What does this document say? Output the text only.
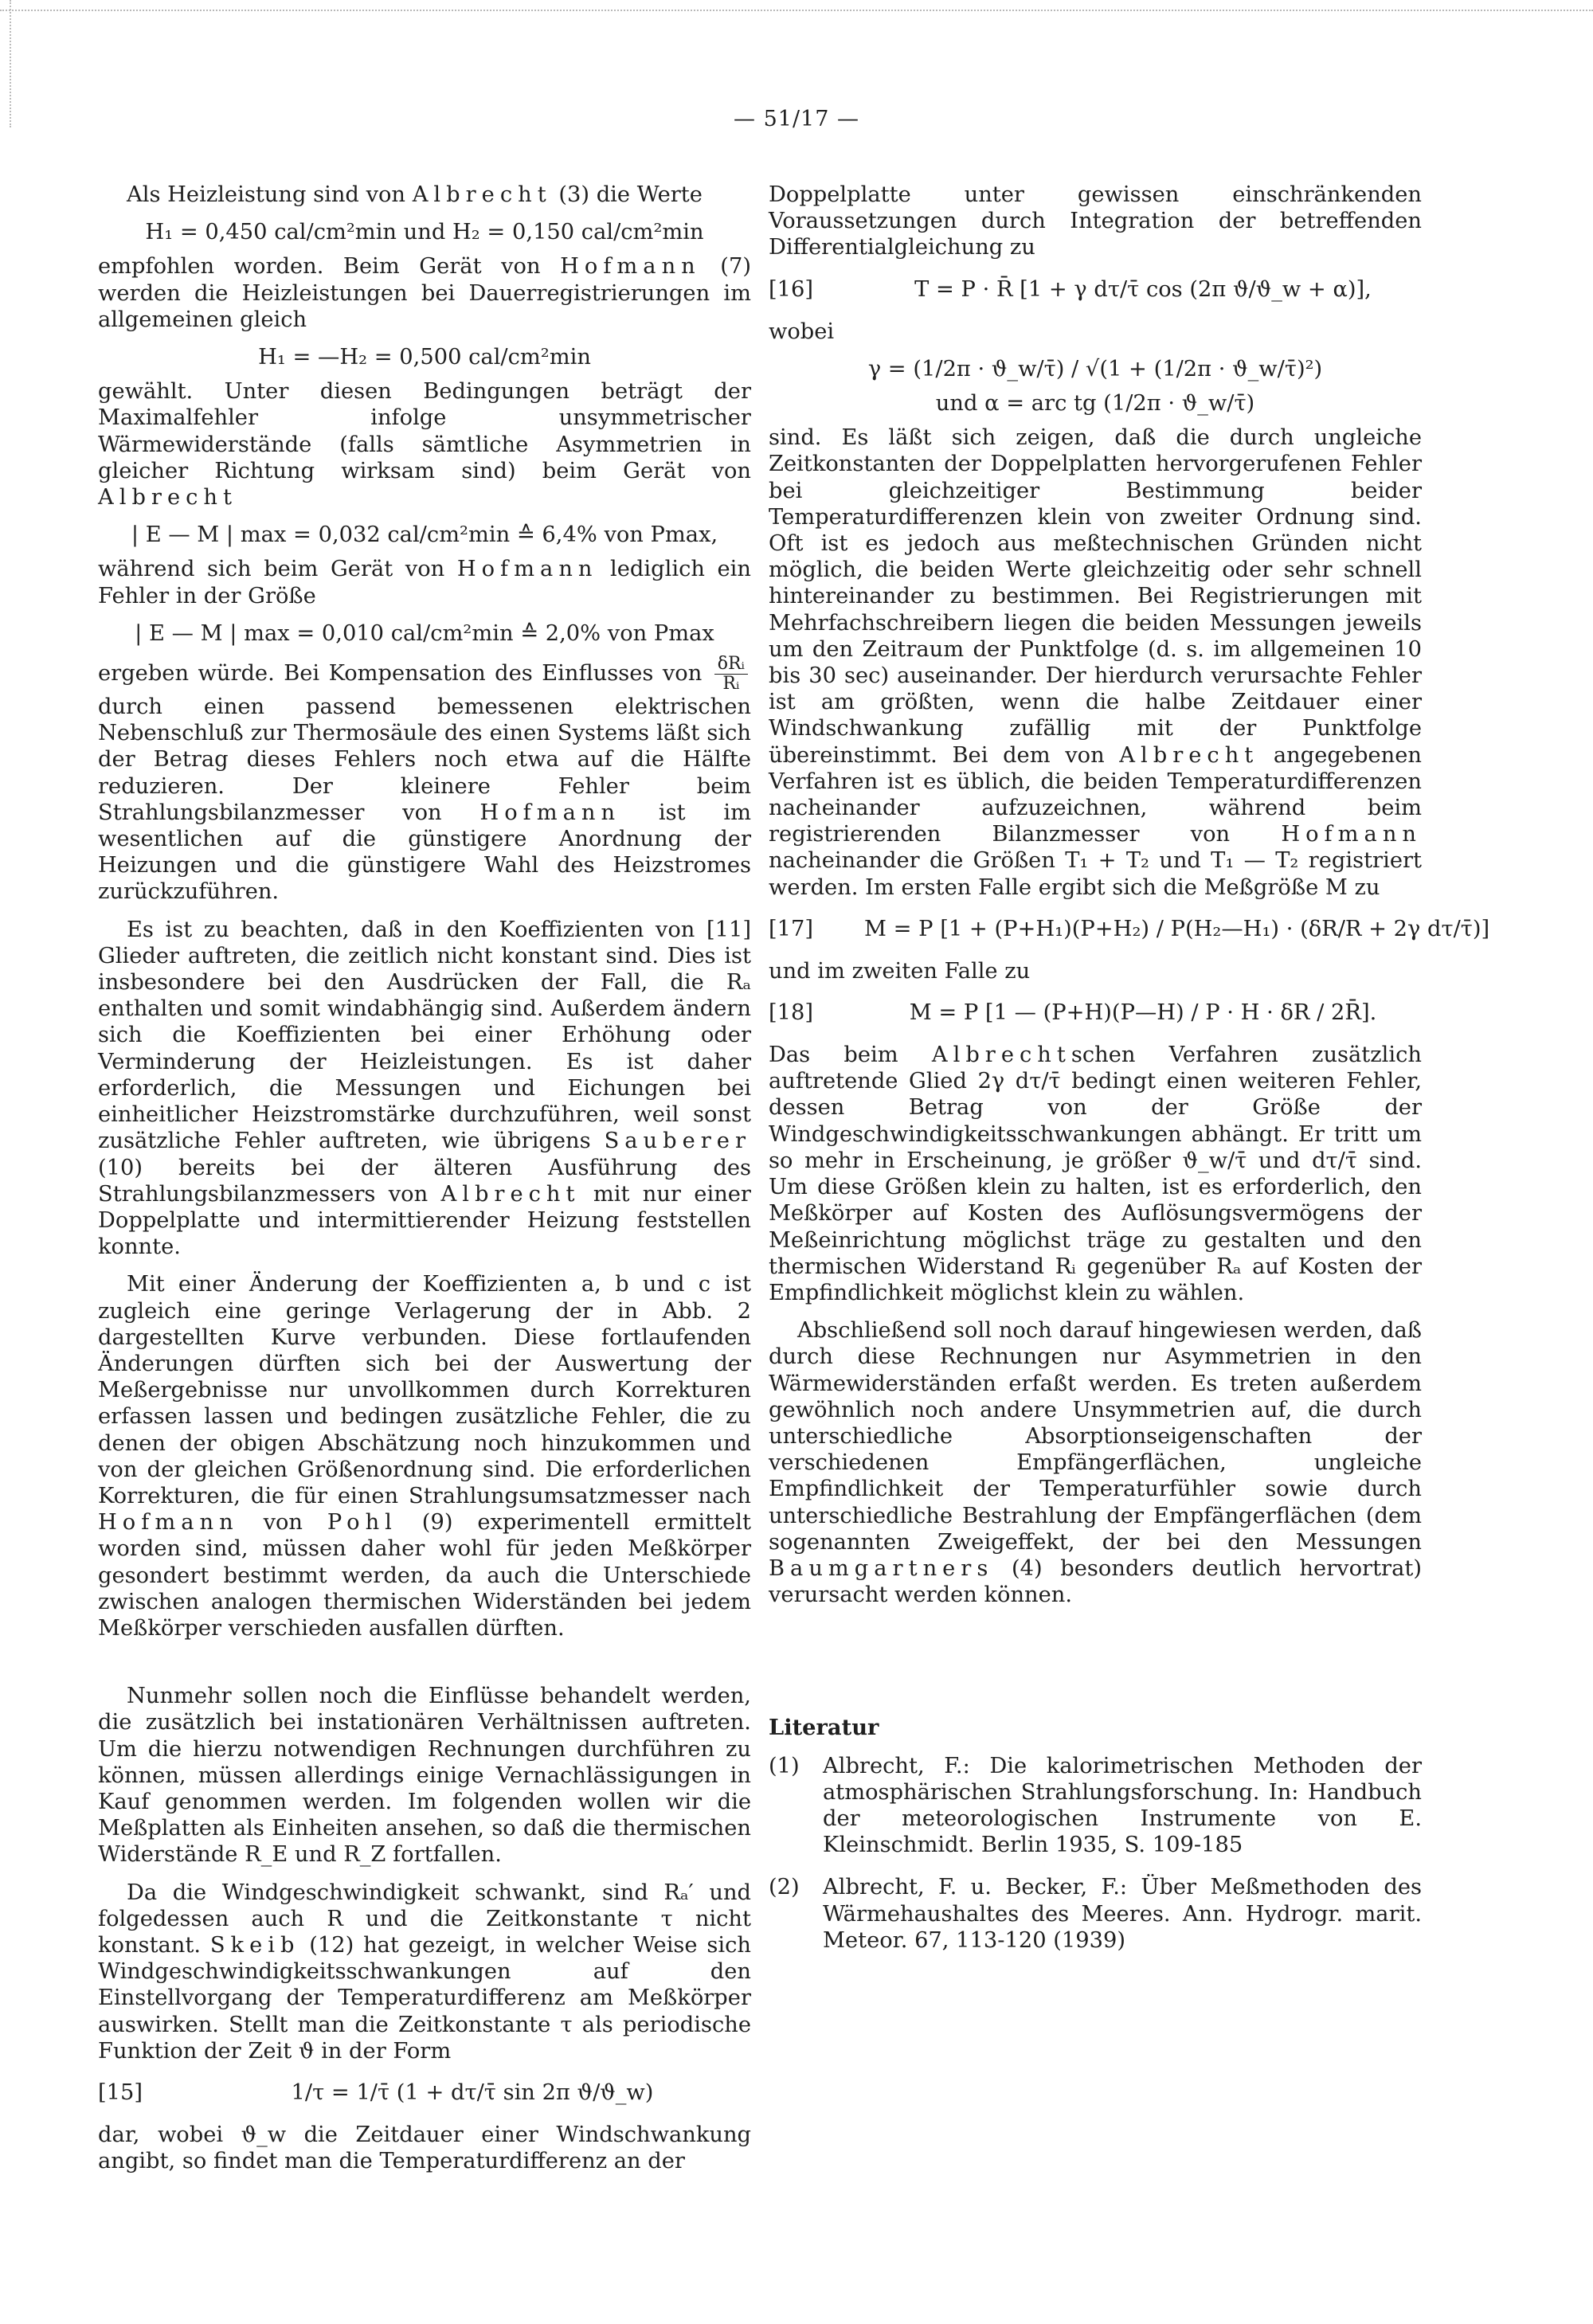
— 51/17 —

Als Heizleistung sind von Albrecht (3) die Werte

H₁ = 0,450 cal/cm²min und H₂ = 0,150 cal/cm²min

empfohlen worden. Beim Gerät von Hofmann (7) werden die Heizleistungen bei Dauerregistrierungen im allgemeinen gleich

H₁ = —H₂ = 0,500 cal/cm²min

gewählt. Unter diesen Bedingungen beträgt der Maximalfehler infolge unsymmetrischer Wärmewiderstände (falls sämtliche Asymmetrien in gleicher Richtung wirksam sind) beim Gerät von Albrecht

| E — M | max = 0,032 cal/cm²min ≙ 6,4% von Pmax,

während sich beim Gerät von Hofmann lediglich ein Fehler in der Größe

| E — M | max = 0,010 cal/cm²min ≙ 2,0% von Pmax

ergeben würde. Bei Kompensation des Einflusses von $\frac{\text{δRᵢ}}{\text{Rᵢ}}$
durch einen passend bemessenen elektrischen Nebenschluß zur Thermosäule des einen Systems läßt sich der Betrag dieses Fehlers noch etwa auf die Hälfte reduzieren. Der kleinere Fehler beim Strahlungsbilanzmesser von Hofmann ist im wesentlichen auf die günstigere Anordnung der Heizungen und die günstigere Wahl des Heizstromes zurückzuführen.

Es ist zu beachten, daß in den Koeffizienten von [11] Glieder auftreten, die zeitlich nicht konstant sind. Dies ist insbesondere bei den Ausdrücken der Fall, die Rₐ enthalten und somit windabhängig sind. Außerdem ändern sich die Koeffizienten bei einer Erhöhung oder Verminderung der Heizleistungen. Es ist daher erforderlich, die Messungen und Eichungen bei einheitlicher Heizstromstärke durchzuführen, weil sonst zusätzliche Fehler auftreten, wie übrigens Sauberer (10) bereits bei der älteren Ausführung des Strahlungsbilanzmessers von Albrecht mit nur einer Doppelplatte und intermittierender Heizung feststellen konnte.

Mit einer Änderung der Koeffizienten a, b und c ist zugleich eine geringe Verlagerung der in Abb. 2 dargestellten Kurve verbunden. Diese fortlaufenden Änderungen dürften sich bei der Auswertung der Meßergebnisse nur unvollkommen durch Korrekturen erfassen lassen und bedingen zusätzliche Fehler, die zu denen der obigen Abschätzung noch hinzukommen und von der gleichen Größenordnung sind. Die erforderlichen Korrekturen, die für einen Strahlungsumsatzmesser nach Hofmann von Pohl (9) experimentell ermittelt worden sind, müssen daher wohl für jeden Meßkörper gesondert bestimmt werden, da auch die Unterschiede zwischen analogen thermischen Widerständen bei jedem Meßkörper verschieden ausfallen dürften.

Nunmehr sollen noch die Einflüsse behandelt werden, die zusätzlich bei instationären Verhältnissen auftreten. Um die hierzu notwendigen Rechnungen durchführen zu können, müssen allerdings einige Vernachlässigungen in Kauf genommen werden. Im folgenden wollen wir die Meßplatten als Einheiten ansehen, so daß die thermischen Widerstände R_E und R_Z fortfallen.

Da die Windgeschwindigkeit schwankt, sind Rₐ′ und folgedessen auch R und die Zeitkonstante τ nicht konstant. Skeib (12) hat gezeigt, in welcher Weise sich Windgeschwindigkeitsschwankungen auf den Einstellvorgang der Temperaturdifferenz am Meßkörper auswirken. Stellt man die Zeitkonstante τ als periodische Funktion der Zeit ϑ in der Form

[15]	1/τ = 1/τ̄ (1 + dτ/τ̄ sin 2π ϑ/ϑ_w)

dar, wobei ϑ_w die Zeitdauer einer Windschwankung angibt, so findet man die Temperaturdifferenz an der

Doppelplatte unter gewissen einschränkenden Voraussetzungen durch Integration der betreffenden Differentialgleichung zu

[16]	T = P · R̄ [1 + γ dτ/τ̄ cos (2π ϑ/ϑ_w + α)],

wobei

γ = (1/2π · ϑ_w/τ̄) / √(1 + (1/2π · ϑ_w/τ̄)²)
und α = arc tg (1/2π · ϑ_w/τ̄)

sind. Es läßt sich zeigen, daß die durch ungleiche Zeitkonstanten der Doppelplatten hervorgerufenen Fehler bei gleichzeitiger Bestimmung beider Temperaturdifferenzen klein von zweiter Ordnung sind. Oft ist es jedoch aus meßtechnischen Gründen nicht möglich, die beiden Werte gleichzeitig oder sehr schnell hintereinander zu bestimmen. Bei Registrierungen mit Mehrfachschreibern liegen die beiden Messungen jeweils um den Zeitraum der Punktfolge (d. s. im allgemeinen 10 bis 30 sec) auseinander. Der hierdurch verursachte Fehler ist am größten, wenn die halbe Zeitdauer einer Windschwankung zufällig mit der Punktfolge übereinstimmt. Bei dem von Albrecht angegebenen Verfahren ist es üblich, die beiden Temperaturdifferenzen nacheinander aufzuzeichnen, während beim registrierenden Bilanzmesser von Hofmann nacheinander die Größen T₁ + T₂ und T₁ — T₂ registriert werden. Im ersten Falle ergibt sich die Meßgröße M zu

[17]	M = P [1 + (P+H₁)(P+H₂) / P(H₂—H₁) · (δR/R + 2γ dτ/τ̄)]

und im zweiten Falle zu

[18]	M = P [1 — (P+H)(P—H) / P · H · δR / 2R̄].

Das beim Albrechtschen Verfahren zusätzlich auftretende Glied 2γ dτ/τ̄ bedingt einen weiteren Fehler, dessen Betrag von der Größe der Windgeschwindigkeitsschwankungen abhängt. Er tritt um so mehr in Erscheinung, je größer ϑ_w/τ̄ und dτ/τ̄ sind. Um diese Größen klein zu halten, ist es erforderlich, den Meßkörper auf Kosten des Auflösungsvermögens der Meßeinrichtung möglichst träge zu gestalten und den thermischen Widerstand Rᵢ gegenüber Rₐ auf Kosten der Empfindlichkeit möglichst klein zu wählen.

Abschließend soll noch darauf hingewiesen werden, daß durch diese Rechnungen nur Asymmetrien in den Wärmewiderständen erfaßt werden. Es treten außerdem gewöhnlich noch andere Unsymmetrien auf, die durch unterschiedliche Absorptionseigenschaften der verschiedenen Empfängerflächen, ungleiche Empfindlichkeit der Temperaturfühler sowie durch unterschiedliche Bestrahlung der Empfängerflächen (dem sogenannten Zweigeffekt, der bei den Messungen Baumgartners (4) besonders deutlich hervortrat) verursacht werden können.

Literatur

(1)	Albrecht, F.: Die kalorimetrischen Methoden der atmosphärischen Strahlungsforschung. In: Handbuch der meteorologischen Instrumente von E. Kleinschmidt. Berlin 1935, S. 109-185
(2)	Albrecht, F. u. Becker, F.: Über Meßmethoden des Wärmehaushaltes des Meeres. Ann. Hydrogr. marit. Meteor. 67, 113-120 (1939)
